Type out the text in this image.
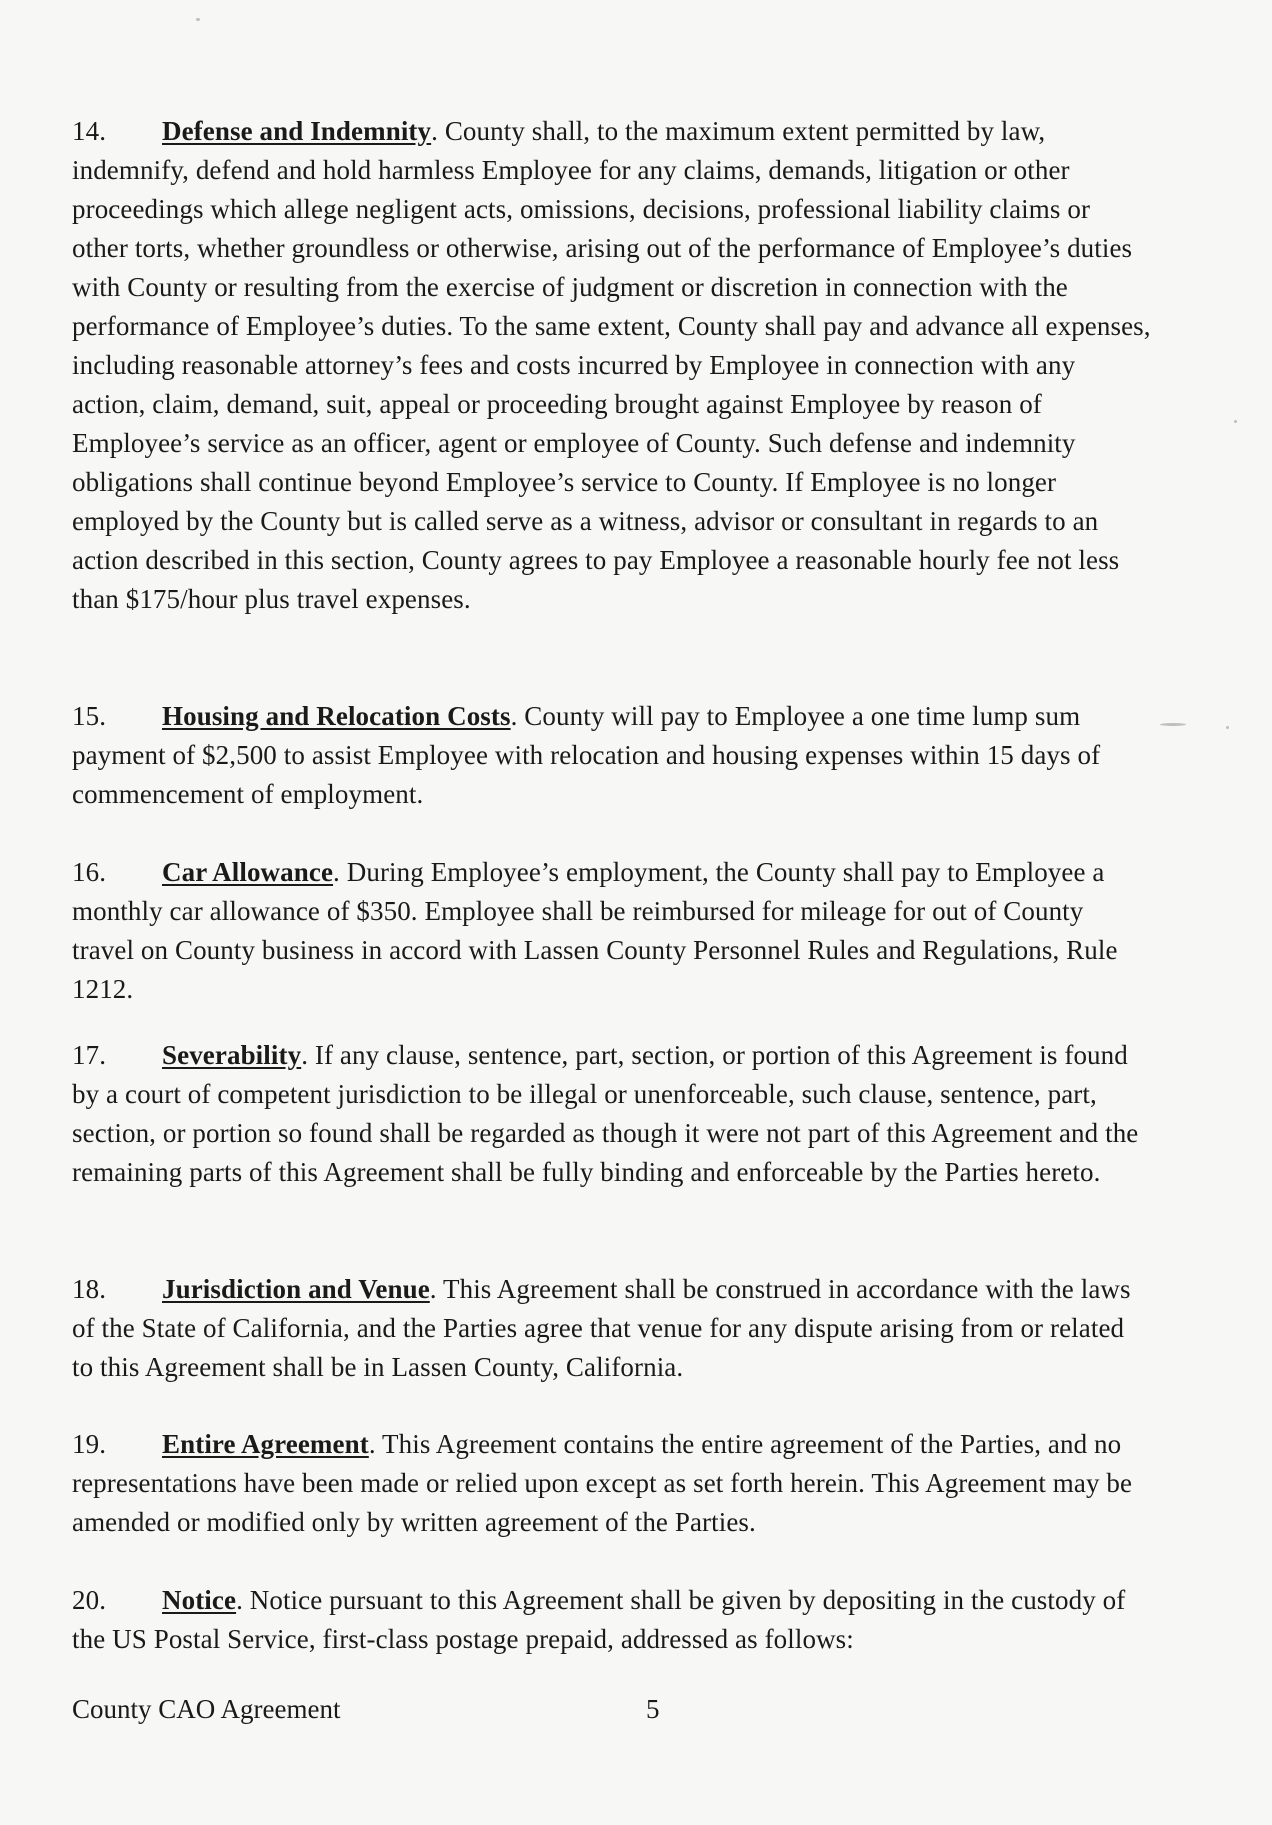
14. Defense and Indemnity. County shall, to the maximum extent permitted by law, indemnify, defend and hold harmless Employee for any claims, demands, litigation or other proceedings which allege negligent acts, omissions, decisions, professional liability claims or other torts, whether groundless or otherwise, arising out of the performance of Employee’s duties with County or resulting from the exercise of judgment or discretion in connection with the performance of Employee’s duties. To the same extent, County shall pay and advance all expenses, including reasonable attorney’s fees and costs incurred by Employee in connection with any action, claim, demand, suit, appeal or proceeding brought against Employee by reason of Employee’s service as an officer, agent or employee of County. Such defense and indemnity obligations shall continue beyond Employee’s service to County. If Employee is no longer employed by the County but is called serve as a witness, advisor or consultant in regards to an action described in this section, County agrees to pay Employee a reasonable hourly fee not less than $175/hour plus travel expenses.
15. Housing and Relocation Costs. County will pay to Employee a one time lump sum payment of $2,500 to assist Employee with relocation and housing expenses within 15 days of commencement of employment.
16. Car Allowance. During Employee’s employment, the County shall pay to Employee a monthly car allowance of $350. Employee shall be reimbursed for mileage for out of County travel on County business in accord with Lassen County Personnel Rules and Regulations, Rule 1212.
17. Severability. If any clause, sentence, part, section, or portion of this Agreement is found by a court of competent jurisdiction to be illegal or unenforceable, such clause, sentence, part, section, or portion so found shall be regarded as though it were not part of this Agreement and the remaining parts of this Agreement shall be fully binding and enforceable by the Parties hereto.
18. Jurisdiction and Venue. This Agreement shall be construed in accordance with the laws of the State of California, and the Parties agree that venue for any dispute arising from or related to this Agreement shall be in Lassen County, California.
19. Entire Agreement. This Agreement contains the entire agreement of the Parties, and no representations have been made or relied upon except as set forth herein. This Agreement may be amended or modified only by written agreement of the Parties.
20. Notice. Notice pursuant to this Agreement shall be given by depositing in the custody of the US Postal Service, first-class postage prepaid, addressed as follows:
County CAO Agreement	5
